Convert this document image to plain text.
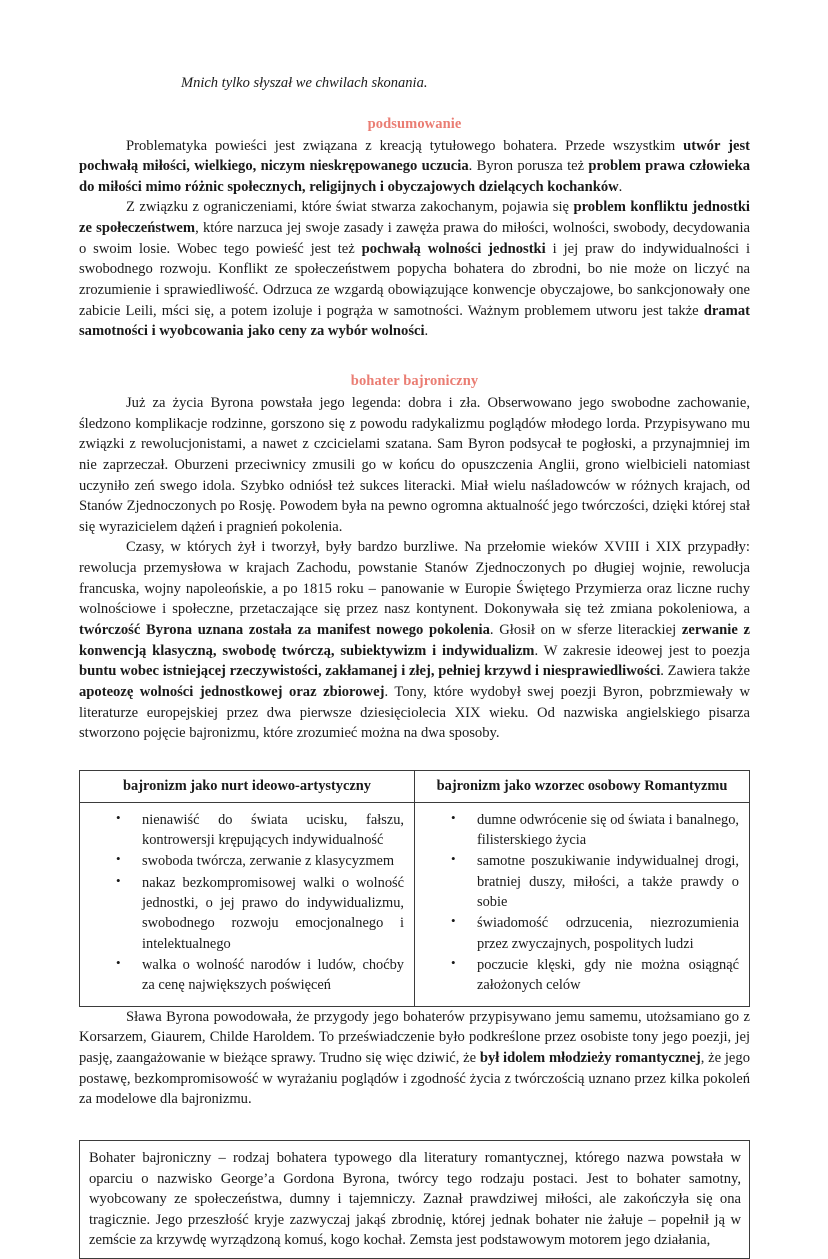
Mnich tylko słyszał we chwilach skonania.

podsumowanie

Problematyka powieści jest związana z kreacją tytułowego bohatera. Przede wszystkim utwór jest pochwałą miłości, wielkiego, niczym nieskrępowanego uczucia. Byron porusza też problem prawa człowieka do miłości mimo różnic społecznych, religijnych i obyczajowych dzielących kochanków.

Z związku z ograniczeniami, które świat stwarza zakochanym, pojawia się problem konfliktu jednostki ze społeczeństwem, które narzuca jej swoje zasady i zawęża prawa do miłości, wolności, swobody, decydowania o swoim losie. Wobec tego powieść jest też pochwałą wolności jednostki i jej praw do indywidualności i swobodnego rozwoju. Konflikt ze społeczeństwem popycha bohatera do zbrodni, bo nie może on liczyć na zrozumienie i sprawiedliwość. Odrzuca ze wzgardą obowiązujące konwencje obyczajowe, bo sankcjonowały one zabicie Leili, mści się, a potem izoluje i pogrąża w samotności. Ważnym problemem utworu jest także dramat samotności i wyobcowania jako ceny za wybór wolności.

bohater bajroniczny

Już za życia Byrona powstała jego legenda: dobra i zła. Obserwowano jego swobodne zachowanie, śledzono komplikacje rodzinne, gorszono się z powodu radykalizmu poglądów młodego lorda. Przypisywano mu związki z rewolucjonistami, a nawet z czcicielami szatana. Sam Byron podsycał te pogłoski, a przynajmniej im nie zaprzeczał. Oburzeni przeciwnicy zmusili go w końcu do opuszczenia Anglii, grono wielbicieli natomiast uczyniło zeń swego idola. Szybko odniósł też sukces literacki. Miał wielu naśladowców w różnych krajach, od Stanów Zjednoczonych po Rosję. Powodem była na pewno ogromna aktualność jego twórczości, dzięki której stał się wyrazicielem dążeń i pragnień pokolenia.

Czasy, w których żył i tworzył, były bardzo burzliwe. Na przełomie wieków XVIII i XIX przypadły: rewolucja przemysłowa w krajach Zachodu, powstanie Stanów Zjednoczonych po długiej wojnie, rewolucja francuska, wojny napoleońskie, a po 1815 roku – panowanie w Europie Świętego Przymierza oraz liczne ruchy wolnościowe i społeczne, przetaczające się przez nasz kontynent. Dokonywała się też zmiana pokoleniowa, a twórczość Byrona uznana została za manifest nowego pokolenia. Głosił on w sferze literackiej zerwanie z konwencją klasyczną, swobodę twórczą, subiektywizm i indywidualizm. W zakresie ideowej jest to poezja buntu wobec istniejącej rzeczywistości, zakłamanej i złej, pełniej krzywd i niesprawiedliwości. Zawiera także apoteozę wolności jednostkowej oraz zbiorowej. Tony, które wydobył swej poezji Byron, pobrzmiewały w literaturze europejskiej przez dwa pierwsze dziesięciolecia XIX wieku. Od nazwiska angielskiego pisarza stworzono pojęcie bajronizmu, które zrozumieć można na dwa sposoby.

bajronizm jako nurt ideowo-artystyczny	bajronizm jako wzorzec osobowy Romantyzmu

• nienawiść do świata ucisku, fałszu, kontrowersji krępujących indywidualność
• swoboda twórcza, zerwanie z klasycyzmem
• nakaz bezkompromisowej walki o wolność jednostki, o jej prawo do indywidualizmu, swobodnego rozwoju emocjonalnego i intelektualnego
• walka o wolność narodów i ludów, choćby za cenę największych poświęceń

• dumne odwrócenie się od świata i banalnego, filisterskiego życia
• samotne poszukiwanie indywidualnej drogi, bratniej duszy, miłości, a także prawdy o sobie
• świadomość odrzucenia, niezrozumienia przez zwyczajnych, pospolitych ludzi
• poczucie klęski, gdy nie można osiągnąć założonych celów

Sława Byrona powodowała, że przygody jego bohaterów przypisywano jemu samemu, utożsamiano go z Korsarzem, Giaurem, Childe Haroldem. To przeświadczenie było podkreślone przez osobiste tony jego poezji, jej pasję, zaangażowanie w bieżące sprawy. Trudno się więc dziwić, że był idolem młodzieży romantycznej, że jego postawę, bezkompromisowość w wyrażaniu poglądów i zgodność życia z twórczością uznano przez kilka pokoleń za modelowe dla bajronizmu.

Bohater bajroniczny – rodzaj bohatera typowego dla literatury romantycznej, którego nazwa powstała w oparciu o nazwisko George’a Gordona Byrona, twórcy tego rodzaju postaci. Jest to bohater samotny, wyobcowany ze społeczeństwa, dumny i tajemniczy. Zaznał prawdziwej miłości, ale zakończyła się ona tragicznie. Jego przeszłość kryje zazwyczaj jakąś zbrodnię, której jednak bohater nie żałuje – popełnił ją w zemście za krzywdę wyrządzoną komuś, kogo kochał. Zemsta jest podstawowym motorem jego działania,
